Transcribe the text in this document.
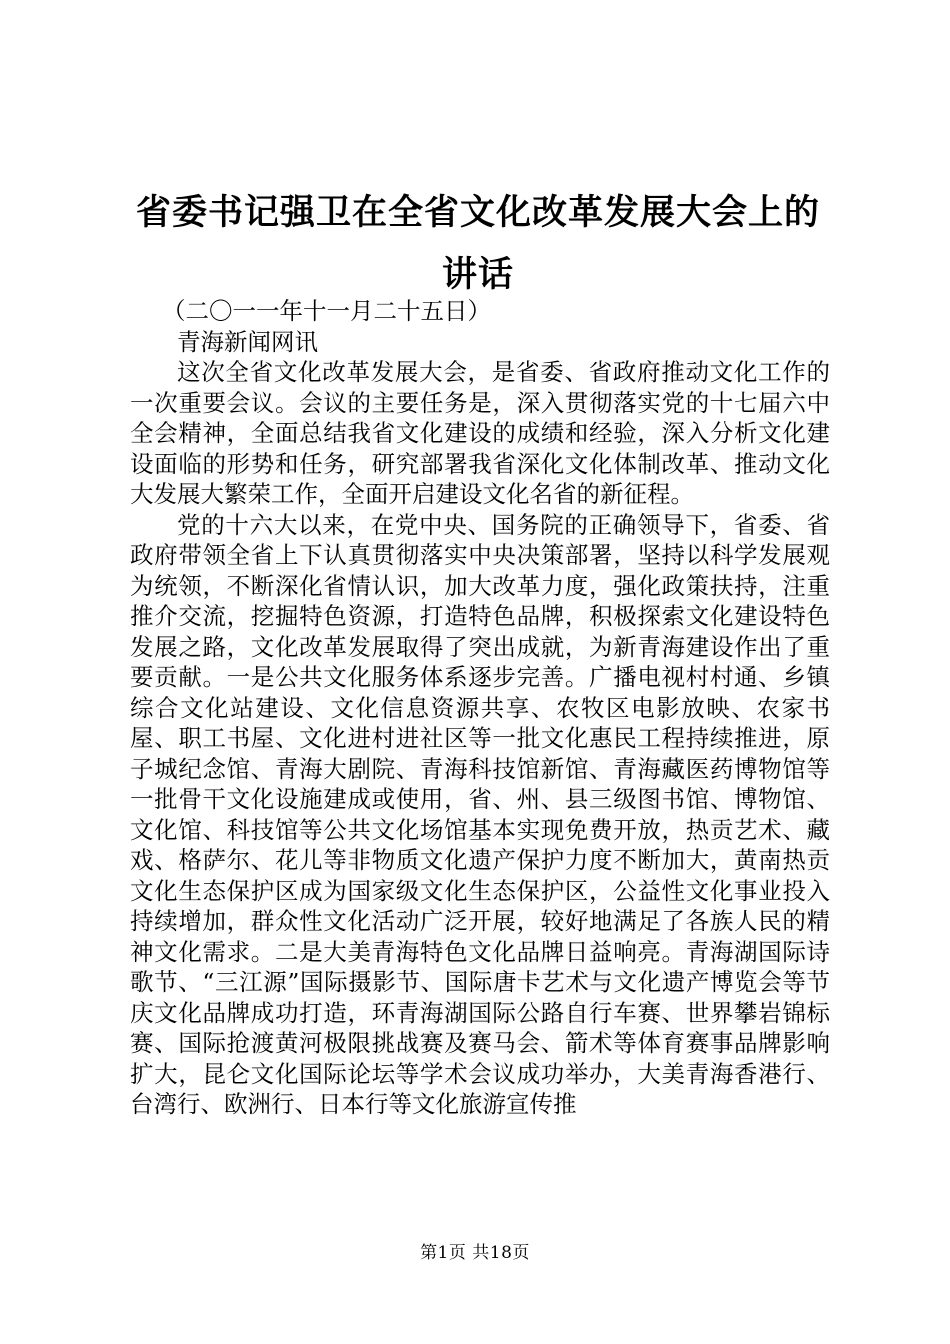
省委书记强卫在全省文化改革发展大会上的讲话

（二〇一一年十一月二十五日）

青海新闻网讯

这次全省文化改革发展大会，是省委、省政府推动文化工作的一次重要会议。会议的主要任务是，深入贯彻落实党的十七届六中全会精神，全面总结我省文化建设的成绩和经验，深入分析文化建设面临的形势和任务，研究部署我省深化文化体制改革、推动文化大发展大繁荣工作，全面开启建设文化名省的新征程。

党的十六大以来，在党中央、国务院的正确领导下，省委、省政府带领全省上下认真贯彻落实中央决策部署，坚持以科学发展观为统领，不断深化省情认识，加大改革力度，强化政策扶持，注重推介交流，挖掘特色资源，打造特色品牌，积极探索文化建设特色发展之路，文化改革发展取得了突出成就，为新青海建设作出了重要贡献。一是公共文化服务体系逐步完善。广播电视村村通、乡镇综合文化站建设、文化信息资源共享、农牧区电影放映、农家书屋、职工书屋、文化进村进社区等一批文化惠民工程持续推进，原子城纪念馆、青海大剧院、青海科技馆新馆、青海藏医药博物馆等一批骨干文化设施建成或使用，省、州、县三级图书馆、博物馆、文化馆、科技馆等公共文化场馆基本实现免费开放，热贡艺术、藏戏、格萨尔、花儿等非物质文化遗产保护力度不断加大，黄南热贡文化生态保护区成为国家级文化生态保护区，公益性文化事业投入持续增加，群众性文化活动广泛开展，较好地满足了各族人民的精神文化需求。二是大美青海特色文化品牌日益响亮。青海湖国际诗歌节、“三江源”国际摄影节、国际唐卡艺术与文化遗产博览会等节庆文化品牌成功打造，环青海湖国际公路自行车赛、世界攀岩锦标赛、国际抢渡黄河极限挑战赛及赛马会、箭术等体育赛事品牌影响扩大，昆仑文化国际论坛等学术会议成功举办，大美青海香港行、台湾行、欧洲行、日本行等文化旅游宣传推

第1页 共18页
